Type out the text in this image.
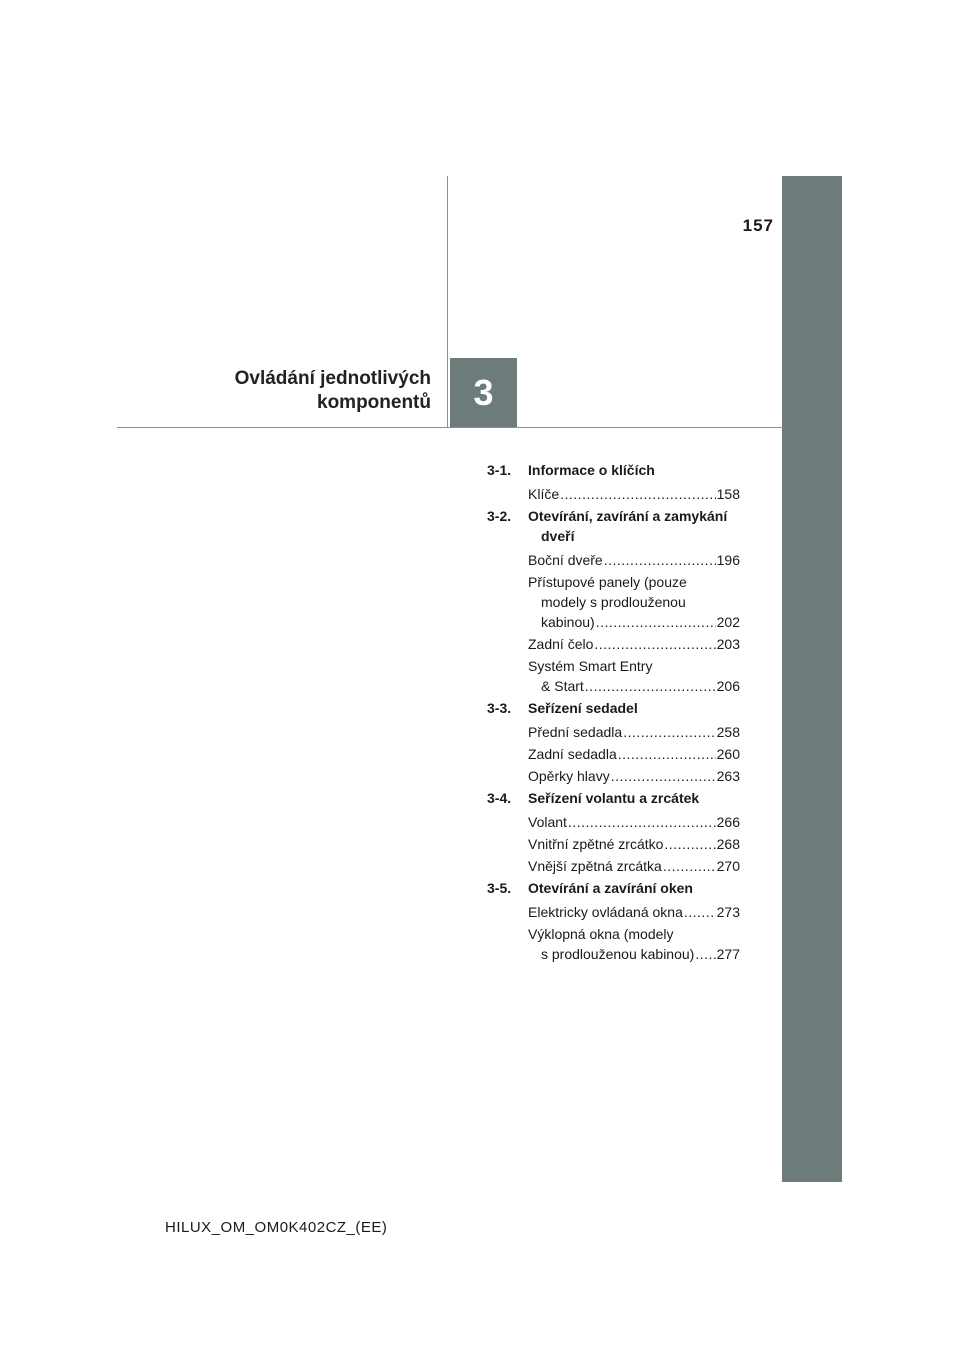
157
3
Ovládání jednotlivých
komponentů
3-1.	Informace o klíčích
Klíče .....	158
3-2.	Otevírání, zavírání a zamykání
dveří
Boční dveře .....	196
Přístupové panely (pouze
modely s prodlouženou
kabinou) .....	202
Zadní čelo .....	203
Systém Smart Entry
& Start .....	206
3-3.	Seřízení sedadel
Přední sedadla .....	258
Zadní sedadla .....	260
Opěrky hlavy .....	263
3-4.	Seřízení volantu a zrcátek
Volant .....	266
Vnitřní zpětné zrcátko .....	268
Vnější zpětná zrcátka .....	270
3-5.	Otevírání a zavírání oken
Elektricky ovládaná okna ..... 273
Výklopná okna (modely
s prodlouženou kabinou) ..... 277
HILUX_OM_OM0K402CZ_(EE)
